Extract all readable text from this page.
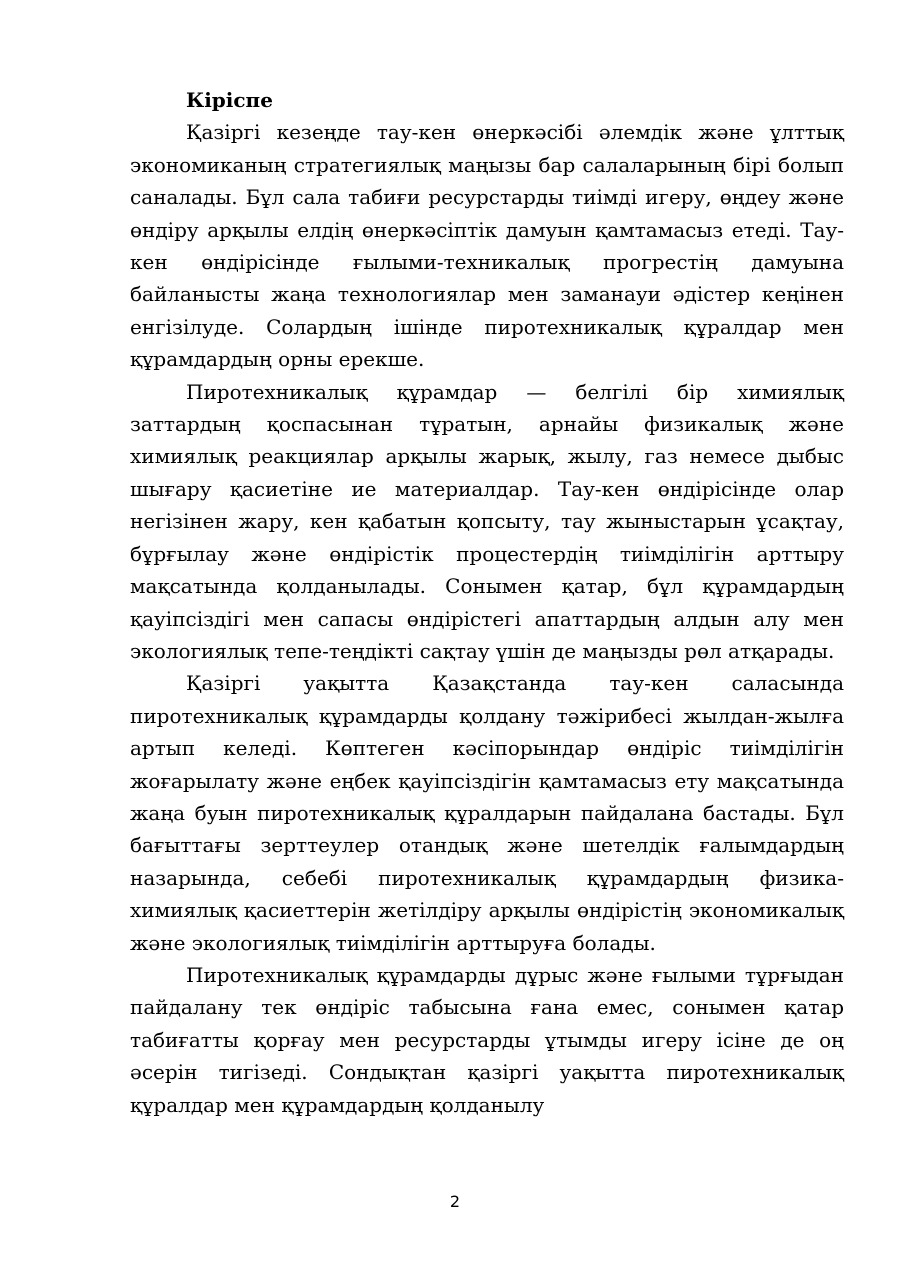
Кіріспе

Қазіргі кезеңде тау-кен өнеркәсібі әлемдік және ұлттық экономиканың стратегиялық маңызы бар салаларының бірі болып саналады. Бұл сала табиғи ресурстарды тиімді игеру, өңдеу және өндіру арқылы елдің өнеркәсіптік дамуын қамтамасыз етеді. Тау-кен өндірісінде ғылыми-техникалық прогрестің дамуына байланысты жаңа технологиялар мен заманауи әдістер кеңінен енгізілуде. Солардың ішінде пиротехникалық құралдар мен құрамдардың орны ерекше.

Пиротехникалық құрамдар — белгілі бір химиялық заттардың қоспасынан тұратын, арнайы физикалық және химиялық реакциялар арқылы жарық, жылу, газ немесе дыбыс шығару қасиетіне ие материалдар. Тау-кен өндірісінде олар негізінен жару, кен қабатын қопсыту, тау жыныстарын ұсақтау, бұрғылау және өндірістік процестердің тиімділігін арттыру мақсатында қолданылады. Сонымен қатар, бұл құрамдардың қауіпсіздігі мен сапасы өндірістегі апаттардың алдын алу мен экологиялық тепе-теңдікті сақтау үшін де маңызды рөл атқарады.

Қазіргі уақытта Қазақстанда тау-кен саласында пиротехникалық құрамдарды қолдану тәжірибесі жылдан-жылға артып келеді. Көптеген кәсіпорындар өндіріс тиімділігін жоғарылату және еңбек қауіпсіздігін қамтамасыз ету мақсатында жаңа буын пиротехникалық құралдарын пайдалана бастады. Бұл бағыттағы зерттеулер отандық және шетелдік ғалымдардың назарында, себебі пиротехникалық құрамдардың физика-химиялық қасиеттерін жетілдіру арқылы өндірістің экономикалық және экологиялық тиімділігін арттыруға болады.

Пиротехникалық құрамдарды дұрыс және ғылыми тұрғыдан пайдалану тек өндіріс табысына ғана емес, сонымен қатар табиғатты қорғау мен ресурстарды ұтымды игеру ісіне де оң әсерін тигізеді. Сондықтан қазіргі уақытта пиротехникалық құралдар мен құрамдардың қолданылу

2
